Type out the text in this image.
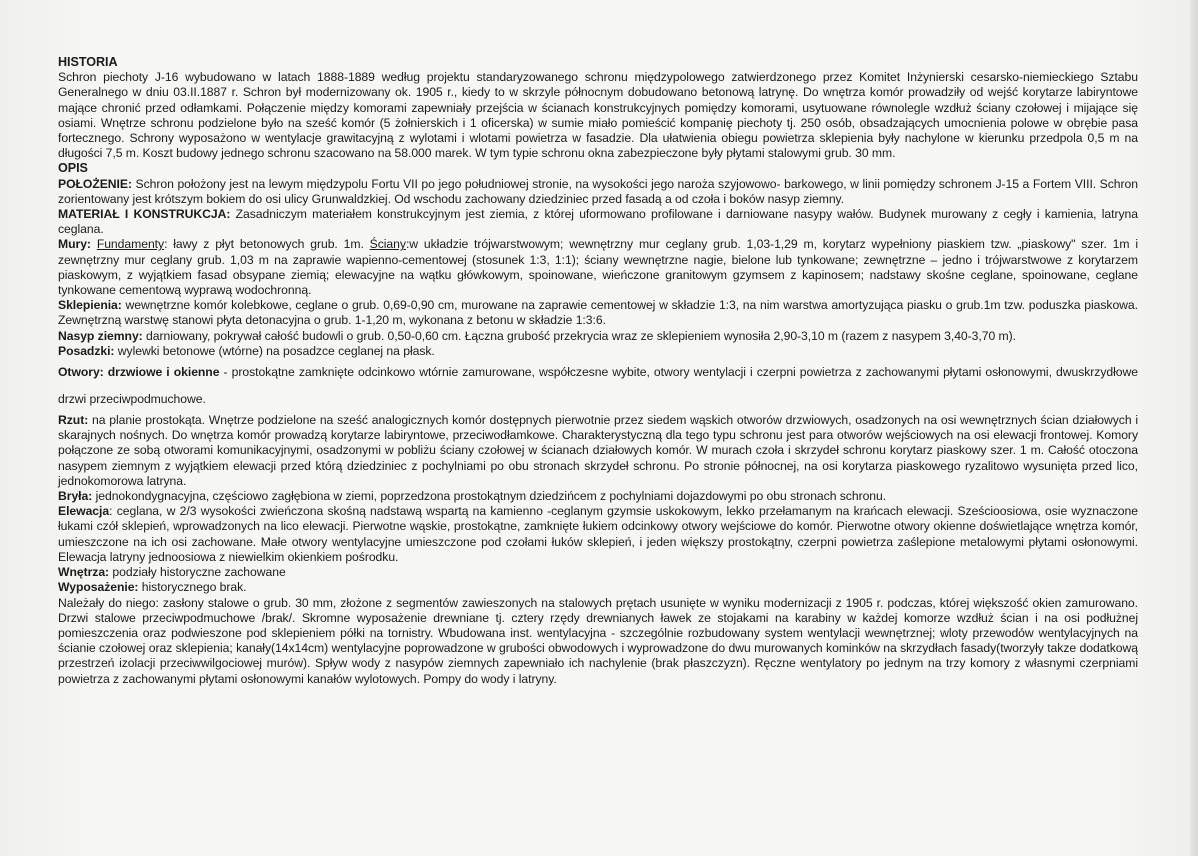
HISTORIA

Schron piechoty J-16 wybudowano w latach 1888-1889 według projektu standaryzowanego schronu międzypolowego zatwierdzonego przez Komitet Inżynierski cesarsko-niemieckiego Sztabu Generalnego w dniu 03.II.1887 r. Schron był modernizowany ok. 1905 r., kiedy to w skrzyle północnym dobudowano betonową latrynę. Do wnętrza komór prowadziły od wejść korytarze labiryntowe mające chronić przed odłamkami. Połączenie między komorami zapewniały przejścia w ścianach konstrukcyjnych pomiędzy komorami, usytuowane równolegle wzdłuż ściany czołowej i mijające się osiami. Wnętrze schronu podzielone było na sześć komór (5 żołnierskich i 1 oficerska) w sumie miało pomieścić kompanię piechoty tj. 250 osób, obsadzających umocnienia polowe w obrębie pasa fortecznego. Schrony wyposażono w wentylacje grawitacyjną z wylotami i wlotami powietrza w fasadzie. Dla ułatwienia obiegu powietrza sklepienia były nachylone w kierunku przedpola 0,5 m na długości 7,5 m. Koszt budowy jednego schronu szacowano na 58.000 marek. W tym typie schronu okna zabezpieczone były płytami stalowymi grub. 30 mm.

OPIS

POŁOŻENIE: Schron położony jest na lewym międzypolu Fortu VII po jego południowej stronie, na wysokości jego naroża szyjowowo- barkowego, w linii pomiędzy schronem J-15 a Fortem VIII. Schron zorientowany jest krótszym bokiem do osi ulicy Grunwaldzkiej. Od wschodu zachowany dziedziniec przed fasadą a od czoła i boków nasyp ziemny.

MATERIAŁ I KONSTRUKCJA: Zasadniczym materiałem konstrukcyjnym jest ziemia, z której uformowano profilowane i darniowane nasypy wałów. Budynek murowany z cegły i kamienia, latryna ceglana.

Mury: Fundamenty: ławy z płyt betonowych grub. 1m. Ściany:w układzie trójwarstwowym; wewnętrzny mur ceglany grub. 1,03-1,29 m, korytarz wypełniony piaskiem tzw. „piaskowy" szer. 1m i zewnętrzny mur ceglany grub. 1,03 m na zaprawie wapienno-cementowej (stosunek 1:3, 1:1); ściany wewnętrzne nagie, bielone lub tynkowane; zewnętrzne – jedno i trójwarstwowe z korytarzem piaskowym, z wyjątkiem fasad obsypane ziemią; elewacyjne na wątku główkowym, spoinowane, wieńczone granitowym gzymsem z kapinosem; nadstawy skośne ceglane, spoinowane, ceglane tynkowane cementową wyprawą wodochronną.

Sklepienia: wewnętrzne komór kolebkowe, ceglane o grub. 0,69-0,90 cm, murowane na zaprawie cementowej w składzie 1:3, na nim warstwa amortyzująca piasku o grub.1m tzw. poduszka piaskowa. Zewnętrzną warstwę stanowi płyta detonacyjna o grub. 1-1,20 m, wykonana z betonu w składzie 1:3:6.

Nasyp ziemny: darniowany, pokrywał całość budowli o grub. 0,50-0,60 cm. Łączna grubość przekrycia wraz ze sklepieniem wynosiła 2,90-3,10 m (razem z nasypem 3,40-3,70 m).

Posadzki: wylewki betonowe (wtórne) na posadzce ceglanej na płask.

Otwory: drzwiowe i okienne - prostokątne zamknięte odcinkowo wtórnie zamurowane, współczesne wybite, otwory wentylacji i czerpni powietrza z zachowanymi płytami osłonowymi, dwuskrzydłowe drzwi przeciwpodmuchowe.

Rzut: na planie prostokąta. Wnętrze podzielone na sześć analogicznych komór dostępnych pierwotnie przez siedem wąskich otworów drzwiowych, osadzonych na osi wewnętrznych ścian działowych i skarajnych nośnych. Do wnętrza komór prowadzą korytarze labiryntowe, przeciwodłamkowe. Charakterystyczną dla tego typu schronu jest para otworów wejściowych na osi elewacji frontowej. Komory połączone ze sobą otworami komunikacyjnymi, osadzonymi w pobliżu ściany czołowej w ścianach działowych komór. W murach czoła i skrzydeł schronu korytarz piaskowy szer. 1 m. Całość otoczona nasypem ziemnym z wyjątkiem elewacji przed którą dziedziniec z pochylniami po obu stronach skrzydeł schronu. Po stronie północnej, na osi korytarza piaskowego ryzalitowo wysunięta przed lico, jednokomorowa latryna.

Bryła: jednokondygnacyjna, częściowo zagłębiona w ziemi, poprzedzona prostokątnym dziedzińcem z pochylniami dojazdowymi po obu stronach schronu.

Elewacja: ceglana, w 2/3 wysokości zwieńczona skośną nadstawą wspartą na kamienno -ceglanym gzymsie uskokowym, lekko przełamanym na krańcach elewacji. Sześcioosiowa, osie wyznaczone łukami czół sklepień, wprowadzonych na lico elewacji. Pierwotne wąskie, prostokątne, zamknięte łukiem odcinkowy otwory wejściowe do komór. Pierwotne otwory okienne doświetlające wnętrza komór, umieszczone na ich osi zachowane. Małe otwory wentylacyjne umieszczone pod czołami łuków sklepień, i jeden większy prostokątny, czerpni powietrza zaślepione metalowymi płytami osłonowymi. Elewacja latryny jednoosiowa z niewielkim okienkiem pośrodku.

Wnętrza: podziały historyczne zachowane

Wyposażenie: historycznego brak.

Należały do niego: zasłony stalowe o grub. 30 mm, złożone z segmentów zawieszonych na stalowych prętach usunięte w wyniku modernizacji z 1905 r. podczas, której większość okien zamurowano. Drzwi stalowe przeciwpodmuchowe /brak/. Skromne wyposażenie drewniane tj. cztery rzędy drewnianych ławek ze stojakami na karabiny w każdej komorze wzdłuż ścian i na osi podłużnej pomieszczenia oraz podwieszone pod sklepieniem półki na tornistry. Wbudowana inst. wentylacyjna - szczególnie rozbudowany system wentylacji wewnętrznej; wloty przewodów wentylacyjnych na ścianie czołowej oraz sklepienia; kanały(14x14cm) wentylacyjne poprowadzone w grubości obwodowych i wyprowadzone do dwu murowanych kominków na skrzydłach fasady(tworzyły takze dodatkową przestrzeń izolacji przeciwwilgociowej murów). Spływ wody z nasypów ziemnych zapewniało ich nachylenie (brak płaszczyzn). Ręczne wentylatory po jednym na trzy komory z własnymi czerpniami powietrza z zachowanymi płytami osłonowymi kanałów wylotowych. Pompy do wody i latryny.
